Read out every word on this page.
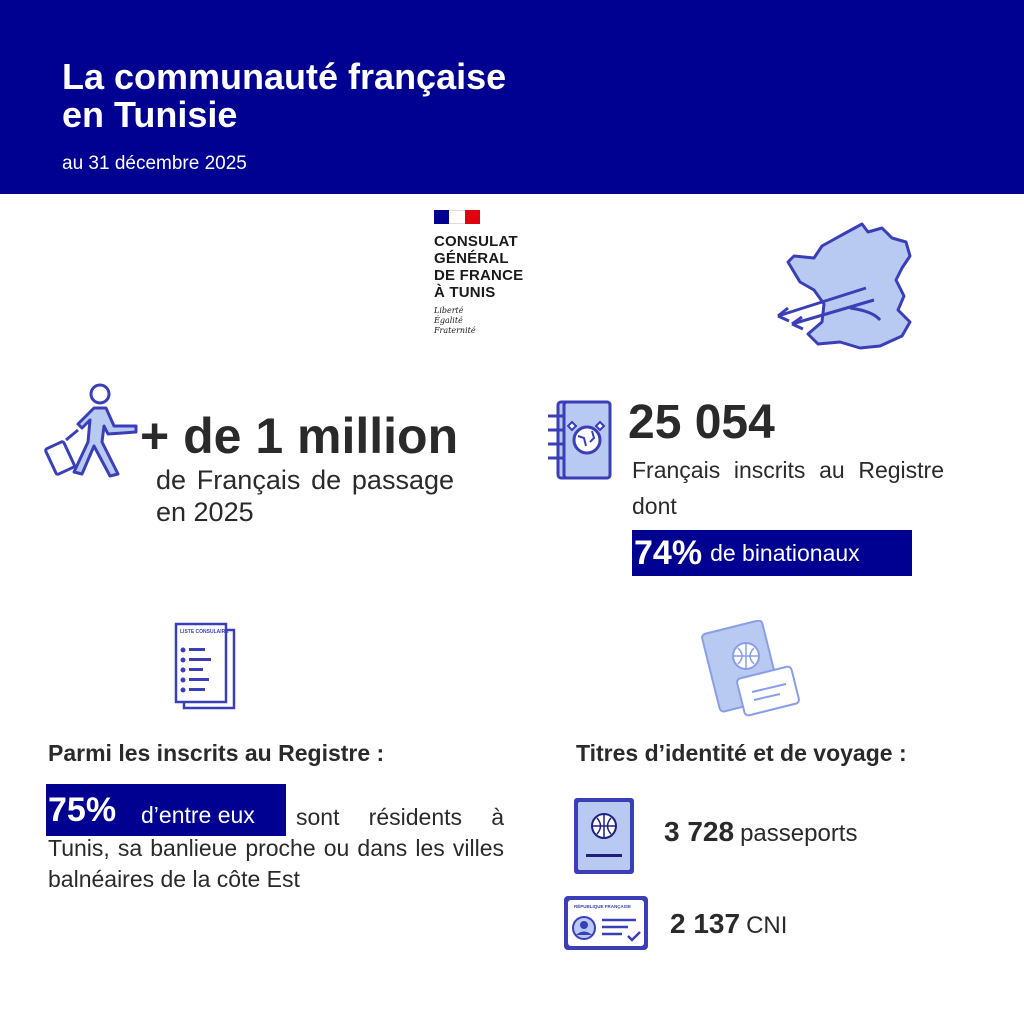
La communauté française
en Tunisie
au 31 décembre 2025
CONSULAT
GÉNÉRAL
DE FRANCE
À TUNIS
Liberté
Égalité
Fraternité
+ de 1 million
de Français de passage en 2025
25 054
Français inscrits au Registre dont
74% de binationaux
LISTE CONSULAIRE
Parmi les inscrits au Registre :
75% d’entre eux	sont résidents à Tunis, sa banlieue proche ou dans les villes balnéaires de la côte Est
Titres d’identité et de voyage :
3 728 passeports
RÉPUBLIQUE FRANÇAISE
2 137 CNI
